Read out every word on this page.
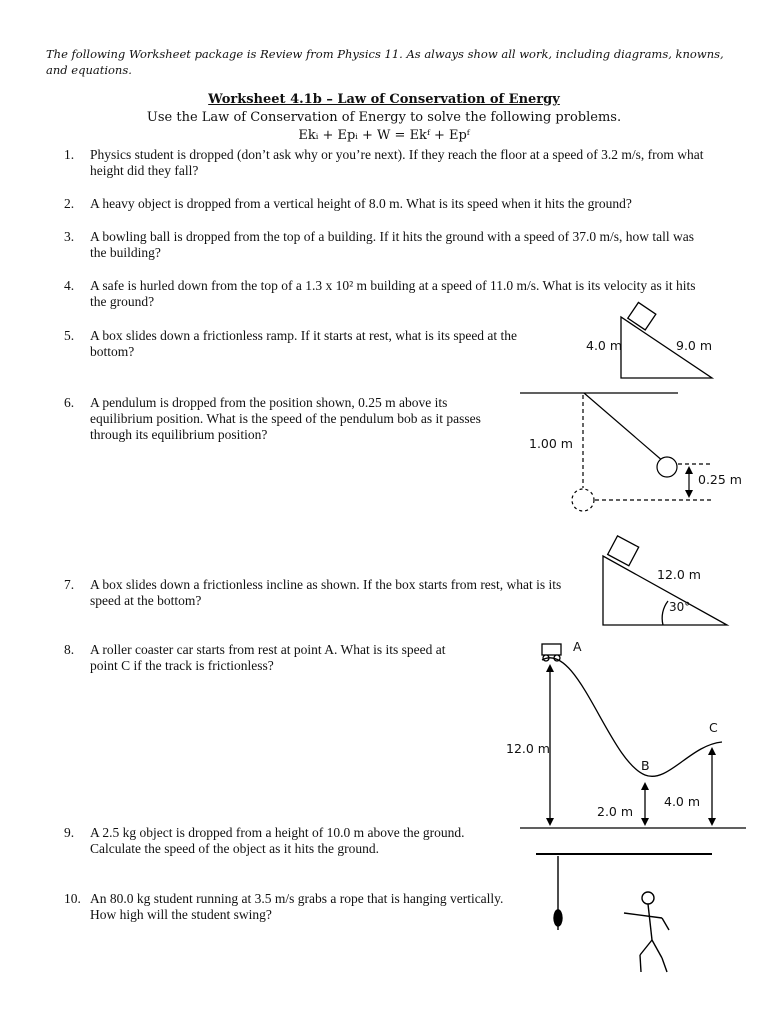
The following Worksheet package is Review from Physics 11. As always show all work, including diagrams, knowns, and equations.
Worksheet 4.1b – Law of Conservation of Energy
Use the Law of Conservation of Energy to solve the following problems.
Ekᵢ + Epᵢ + W = Ekᶠ + Epᶠ
1. Physics student is dropped (don’t ask why or you’re next). If they reach the floor at a speed of 3.2 m/s, from what
height did they fall?
2. A heavy object is dropped from a vertical height of 8.0 m. What is its speed when it hits the ground?
3. A bowling ball is dropped from the top of a building. If it hits the ground with a speed of 37.0 m/s, how tall was
the building?
4. A safe is hurled down from the top of a 1.3 x 10² m building at a speed of 11.0 m/s. What is its velocity as it hits
the ground?
5. A box slides down a frictionless ramp. If it starts at rest, what is its speed at the
bottom?
6. A pendulum is dropped from the position shown, 0.25 m above its
equilibrium position. What is the speed of the pendulum bob as it passes
through its equilibrium position?
7. A box slides down a frictionless incline as shown. If the box starts from rest, what is its
speed at the bottom?
8. A roller coaster car starts from rest at point A. What is its speed at
point C if the track is frictionless?
9. A 2.5 kg object is dropped from a height of 10.0 m above the ground.
Calculate the speed of the object as it hits the ground.
10. An 80.0 kg student running at 3.5 m/s grabs a rope that is hanging vertically.
How high will the student swing?
4.0 m	9.0 m
1.00 m
0.25 m
12.0 m
30°
A
B
C
12.0 m
2.0 m
4.0 m
